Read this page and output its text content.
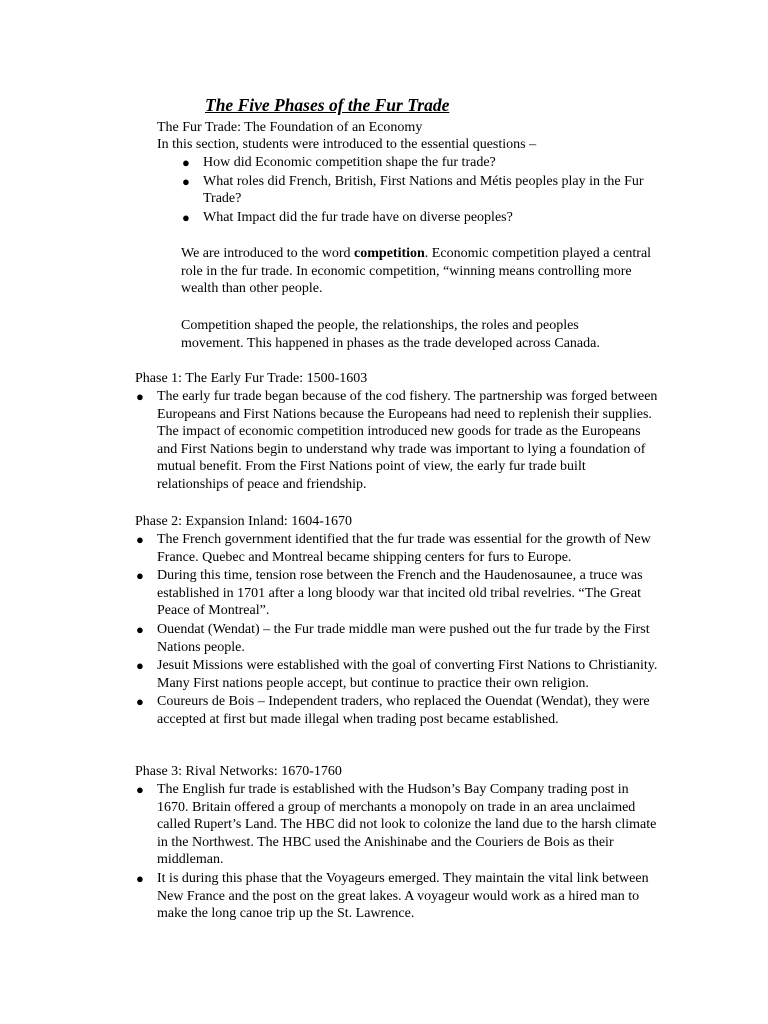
The Five Phases of the Fur Trade
The Fur Trade: The Foundation of an Economy
In this section, students were introduced to the essential questions –
● How did Economic competition shape the fur trade?
● What roles did French, British, First Nations and Métis peoples play in the Fur Trade?
● What Impact did the fur trade have on diverse peoples?

We are introduced to the word competition. Economic competition played a central role in the fur trade. In economic competition, “winning means controlling more wealth than other people.

Competition shaped the people, the relationships, the roles and peoples movement. This happened in phases as the trade developed across Canada.

Phase 1: The Early Fur Trade: 1500-1603
● The early fur trade began because of the cod fishery. The partnership was forged between Europeans and First Nations because the Europeans had need to replenish their supplies. The impact of economic competition introduced new goods for trade as the Europeans and First Nations begin to understand why trade was important to lying a foundation of mutual benefit. From the First Nations point of view, the early fur trade built relationships of peace and friendship.
Phase 2: Expansion Inland: 1604-1670
● The French government identified that the fur trade was essential for the growth of New France. Quebec and Montreal became shipping centers for furs to Europe.
● During this time, tension rose between the French and the Haudenosaunee, a truce was established in 1701 after a long bloody war that incited old tribal revelries. “The Great Peace of Montreal”.
● Ouendat (Wendat) – the Fur trade middle man were pushed out the fur trade by the First Nations people.
● Jesuit Missions were established with the goal of converting First Nations to Christianity. Many First nations people accept, but continue to practice their own religion.
● Coureurs de Bois – Independent traders, who replaced the Ouendat (Wendat), they were accepted at first but made illegal when trading post became established.
Phase 3: Rival Networks: 1670-1760
● The English fur trade is established with the Hudson’s Bay Company trading post in 1670. Britain offered a group of merchants a monopoly on trade in an area unclaimed called Rupert’s Land. The HBC did not look to colonize the land due to the harsh climate in the Northwest. The HBC used the Anishinabe and the Couriers de Bois as their middleman.
● It is during this phase that the Voyageurs emerged. They maintain the vital link between New France and the post on the great lakes. A voyageur would work as a hired man to make the long canoe trip up the St. Lawrence.
